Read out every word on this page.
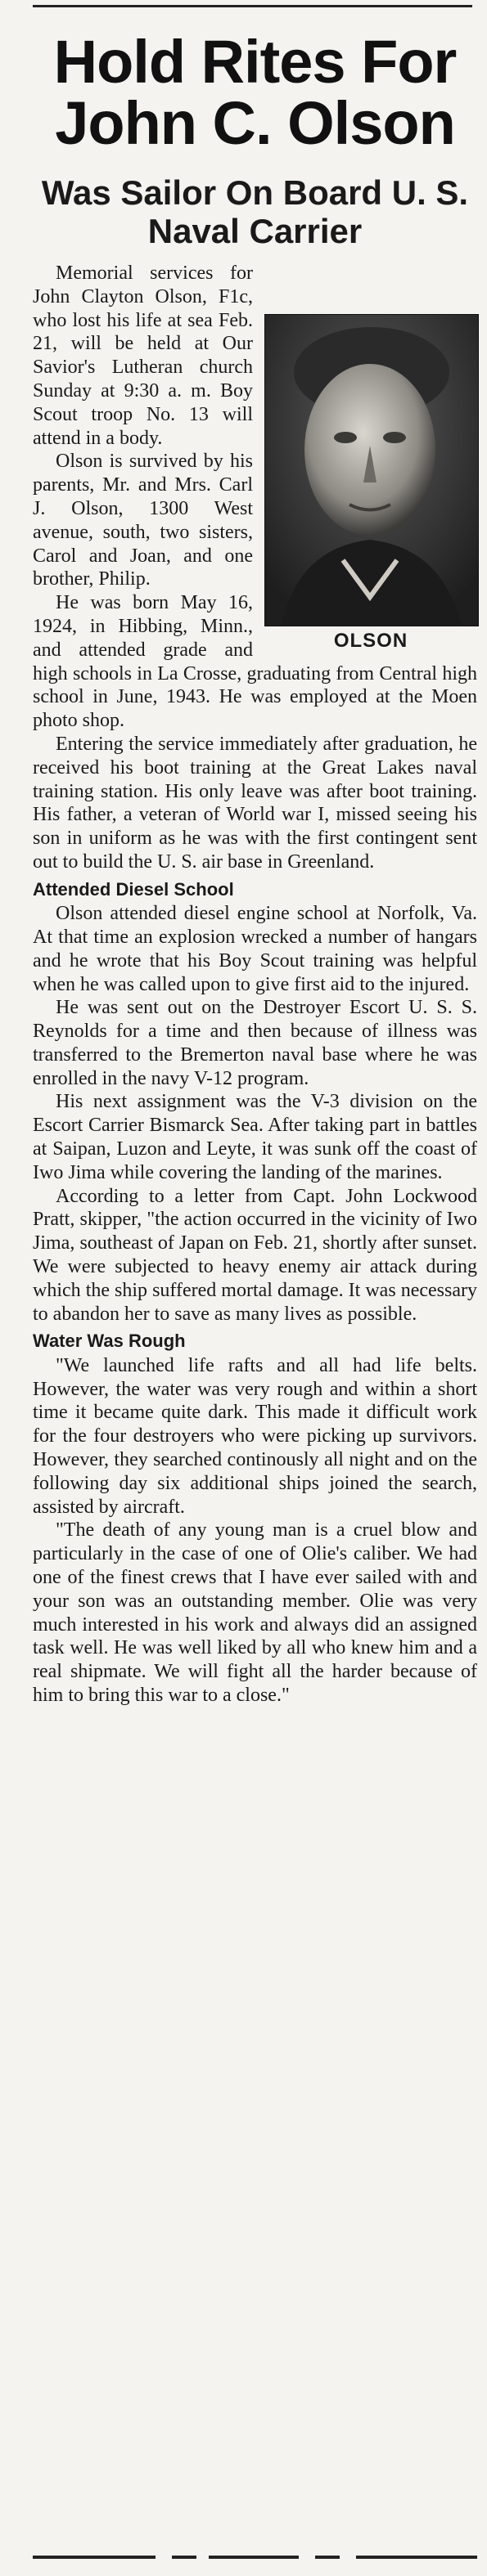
Hold Rites For John C. Olson
Was Sailor On Board U. S. Naval Carrier
OLSON

Memorial services for John Clayton Olson, F1c, who lost his life at sea Feb. 21, will be held at Our Savior's Lutheran church Sunday at 9:30 a. m. Boy Scout troop No. 13 will attend in a body.

Olson is survived by his parents, Mr. and Mrs. Carl J. Olson, 1300 West avenue, south, two sisters, Carol and Joan, and one brother, Philip.

He was born May 16, 1924, in Hibbing, Minn., and attended grade and high schools in La Crosse, graduating from Central high school in June, 1943. He was employed at the Moen photo shop.

Entering the service immediately after graduation, he received his boot training at the Great Lakes naval training station. His only leave was after boot training. His father, a veteran of World war I, missed seeing his son in uniform as he was with the first contingent sent out to build the U. S. air base in Greenland.

Attended Diesel School

Olson attended diesel engine school at Norfolk, Va. At that time an explosion wrecked a number of hangars and he wrote that his Boy Scout training was helpful when he was called upon to give first aid to the injured.

He was sent out on the Destroyer Escort U. S. S. Reynolds for a time and then because of illness was transferred to the Bremerton naval base where he was enrolled in the navy V-12 program.

His next assignment was the V-3 division on the Escort Carrier Bismarck Sea. After taking part in battles at Saipan, Luzon and Leyte, it was sunk off the coast of Iwo Jima while covering the landing of the marines.

According to a letter from Capt. John Lockwood Pratt, skipper, "the action occurred in the vicinity of Iwo Jima, southeast of Japan on Feb. 21, shortly after sunset. We were subjected to heavy enemy air attack during which the ship suffered mortal damage. It was necessary to abandon her to save as many lives as possible.

Water Was Rough

"We launched life rafts and all had life belts. However, the water was very rough and within a short time it became quite dark. This made it difficult work for the four destroyers who were picking up survivors. However, they searched continously all night and on the following day six additional ships joined the search, assisted by aircraft.

"The death of any young man is a cruel blow and particularly in the case of one of Olie's caliber. We had one of the finest crews that I have ever sailed with and your son was an outstanding member. Olie was very much interested in his work and always did an assigned task well. He was well liked by all who knew him and a real shipmate. We will fight all the harder because of him to bring this war to a close."
